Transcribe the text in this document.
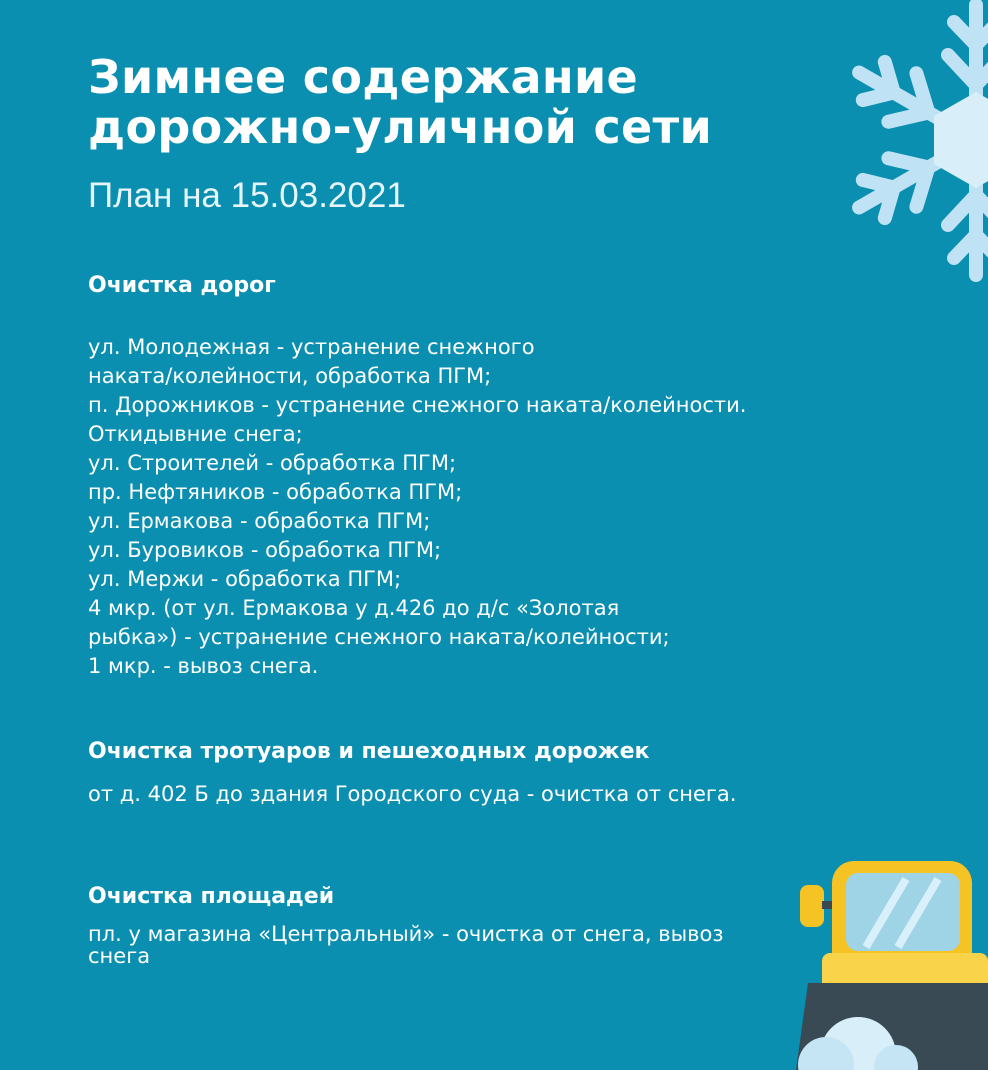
Зимнее содержание
дорожно-уличной сети
План на 15.03.2021
Очистка дорог
ул. Молодежная - устранение снежного
наката/колейности, обработка ПГМ;
п. Дорожников - устранение снежного наката/колейности.
Откидывние снега;
ул. Строителей - обработка ПГМ;
пр. Нефтяников - обработка ПГМ;
ул. Ермакова - обработка ПГМ;
ул. Буровиков - обработка ПГМ;
ул. Мержи - обработка ПГМ;
4 мкр. (от ул. Ермакова у д.426 до д/с «Золотая
рыбка») - устранение снежного наката/колейности;
1 мкр. - вывоз снега.
Очистка тротуаров и пешеходных дорожек
от д. 402 Б до здания Городского суда - очистка от снега.
Очистка площадей
пл. у магазина «Центральный» - очистка от снега, вывоз
снега
